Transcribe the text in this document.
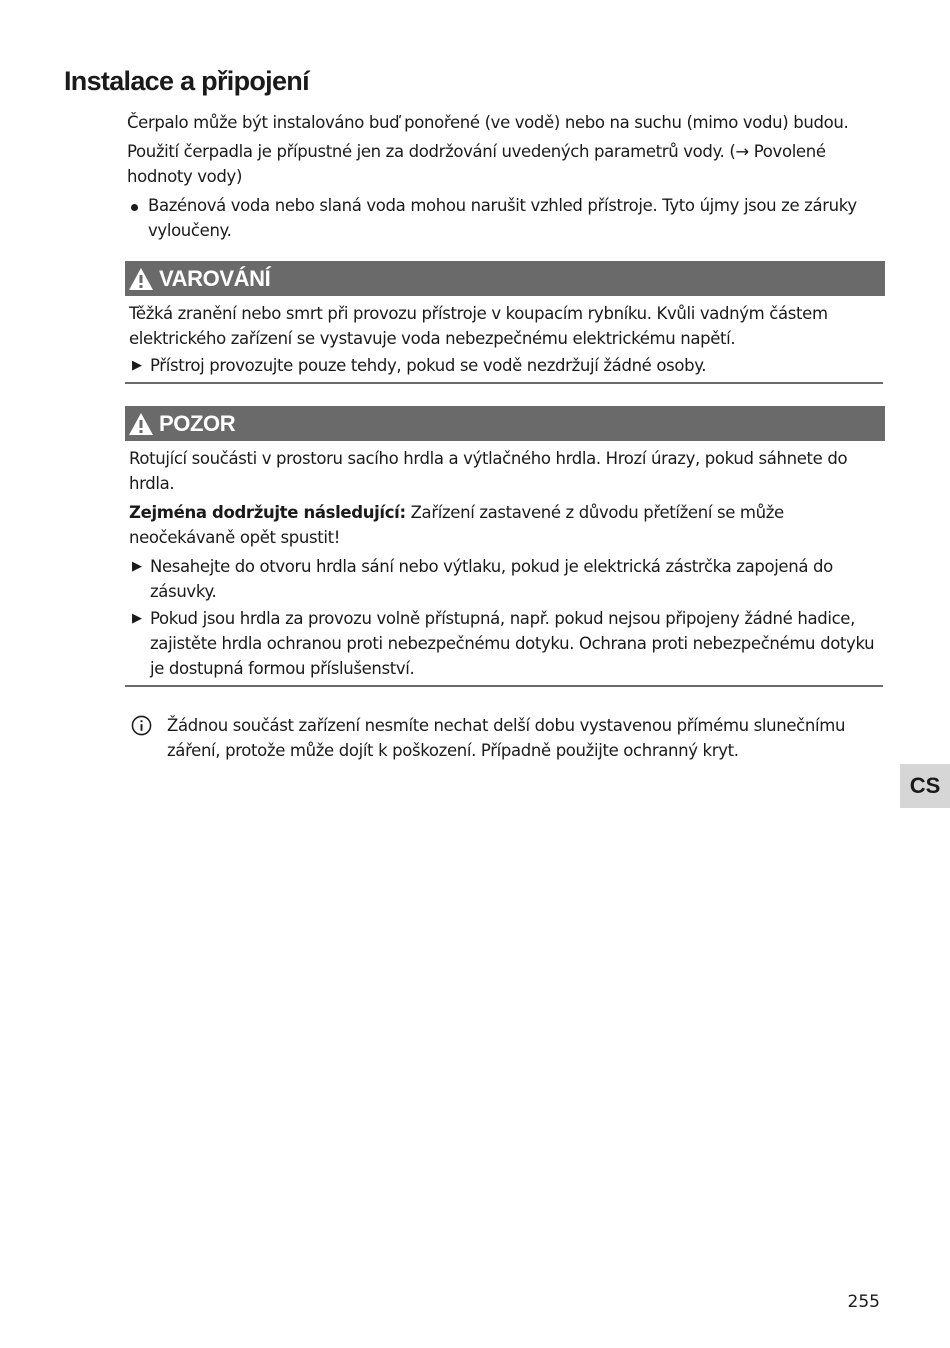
Instalace a připojení

Čerpalo může být instalováno buď ponořené (ve vodě) nebo na suchu (mimo vodu) budou.

Použití čerpadla je přípustné jen za dodržování uvedených parametrů vody. (→ Povolené hodnoty vody)

Bazénová voda nebo slaná voda mohou narušit vzhled přístroje. Tyto újmy jsou ze záruky vyloučeny.
VAROVÁNÍ

Těžká zranění nebo smrt při provozu přístroje v koupacím rybníku. Kvůli vadným částem elektrického zařízení se vystavuje voda nebezpečnému elektrickému napětí.

▶ Přístroj provozujte pouze tehdy, pokud se vodě nezdržují žádné osoby.
POZOR

Rotující součásti v prostoru sacího hrdla a výtlačného hrdla. Hrozí úrazy, pokud sáhnete do hrdla.

Zejména dodržujte následující: Zařízení zastavené z důvodu přetížení se může neočekávaně opět spustit!

▶ Nesahejte do otvoru hrdla sání nebo výtlaku, pokud je elektrická zástrčka zapojená do zásuvky.
▶ Pokud jsou hrdla za provozu volně přístupná, např. pokud nejsou připojeny žádné hadice, zajistěte hrdla ochranou proti nebezpečnému dotyku. Ochrana proti nebezpečnému dotyku je dostupná formou příslušenství.

Žádnou součást zařízení nesmíte nechat delší dobu vystavenou přímému slunečnímu záření, protože může dojít k poškození. Případně použijte ochranný kryt.

CS
255
